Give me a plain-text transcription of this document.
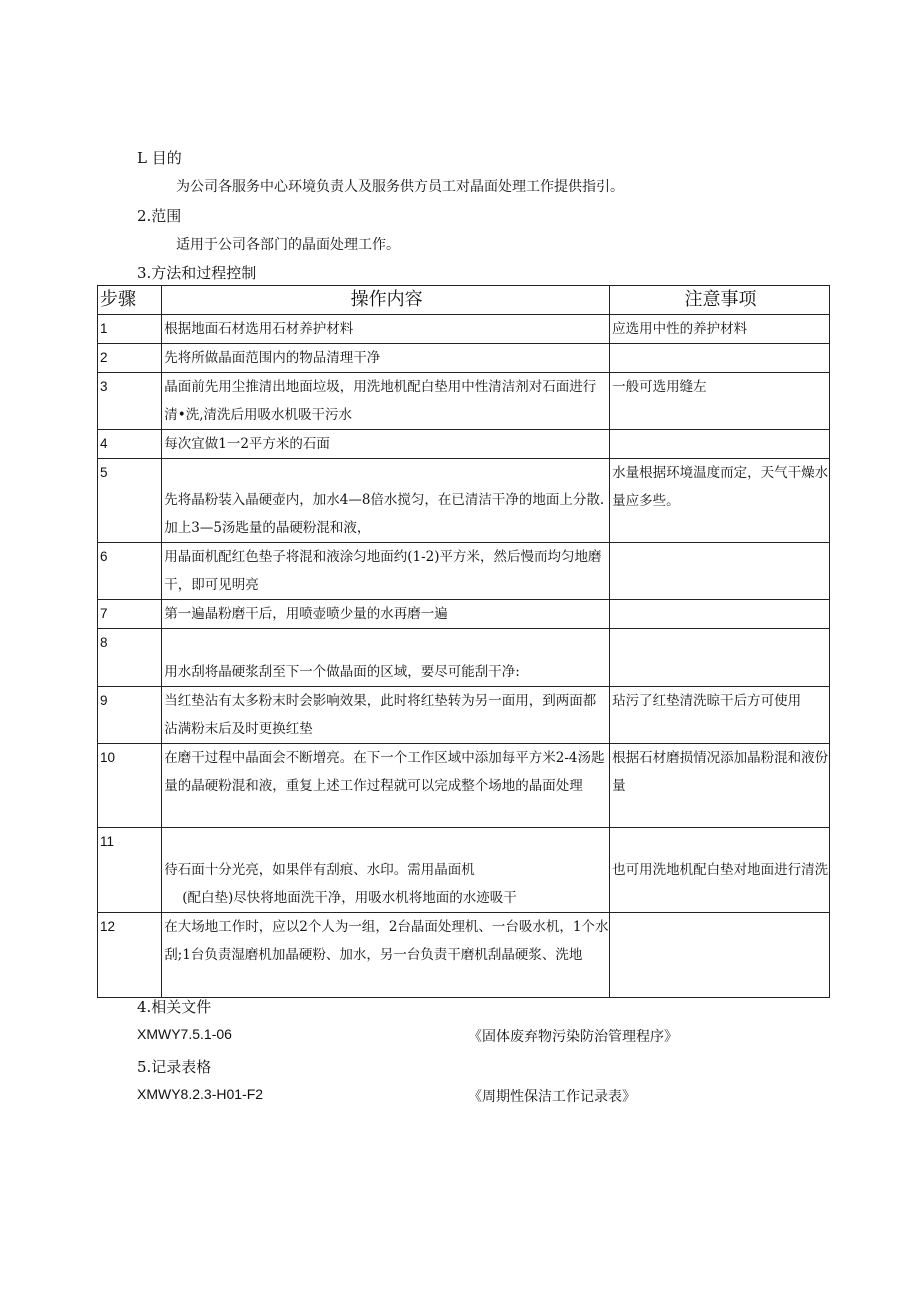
L 目的
为公司各服务中心环境负责人及服务供方员工对晶面处理工作提供指引。
2.范围
适用于公司各部门的晶面处理工作。
3.方法和过程控制
步骤	操作内容	注意事项
1	根据地面石材选用石材养护材料	应选用中性的养护材料
2	先将所做晶面范围内的物品清理干净	
3	晶面前先用尘推清出地面垃圾，用洗地机配白垫用中性清洁剂对石面进行清•洗,清洗后用吸水机吸干污水	一般可选用缝左
4	每次宜做1一2平方米的石面	
5	先将晶粉装入晶硬壶内，加水4—8倍水搅匀，在已清洁干净的地面上分散.加上3—5汤匙量的晶硬粉混和液，	水量根据环境温度而定，天气干燥水量应多些。
6	用晶面机配红色垫子将混和液涂匀地面约(1-2)平方米，然后慢而均匀地磨干，即可见明亮	
7	第一遍晶粉磨干后，用喷壶喷少量的水再磨一遍	
8	用水刮将晶硬浆刮至下一个做晶面的区域，要尽可能刮干净:	
9	当红垫沾有太多粉末时会影响效果，此时将红垫转为另一面用，到两面都沾满粉末后及时更换红垫	玷污了红垫清洗晾干后方可使用
10	在磨干过程中晶面会不断增亮。在下一个工作区域中添加每平方米2-4汤匙量的晶硬粉混和液，重复上述工作过程就可以完成整个场地的晶面处理	根据石材磨损情况添加晶粉混和液份量
11	待石面十分光亮，如果伴有刮痕、水印。需用晶面机
(配白垫)尽快将地面洗干净，用吸水机将地面的水迹吸干	也可用洗地机配白垫对地面进行清洗
12	在大场地工作时，应以2个人为一组，2台晶面处理机、一台吸水机，1个水刮;1台负责湿磨机加晶硬粉、加水，另一台负责干磨机刮晶硬浆、洗地	
4.相关文件
XMWY7.5.1-06	《固体废弃物污染防治管理程序》
5.记录表格
XMWY8.2.3-H01-F2	《周期性保洁工作记录表》
